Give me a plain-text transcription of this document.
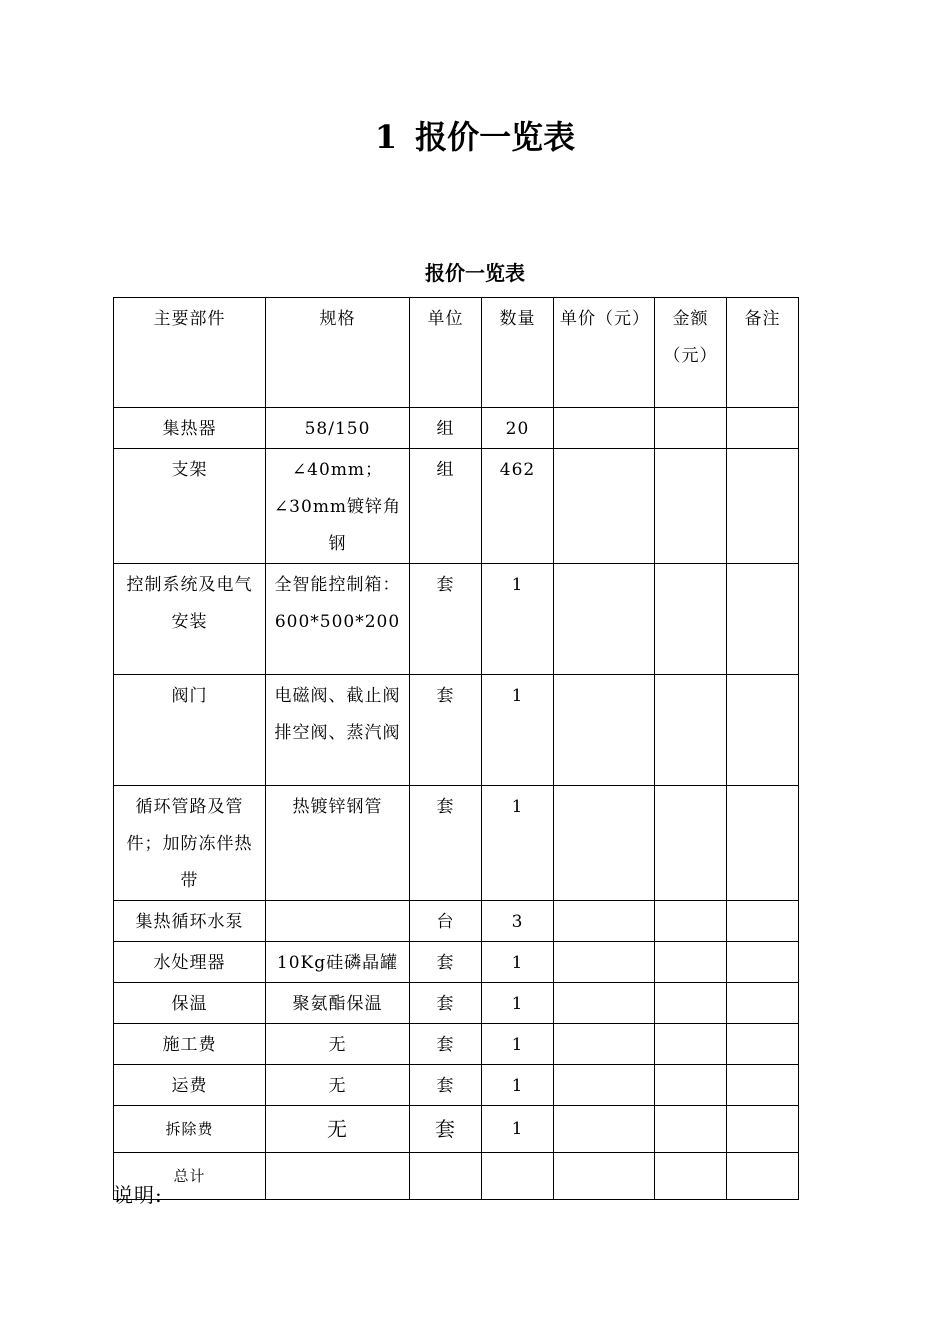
1 报价一览表
报价一览表
主要部件	规格	单位	数量	单价（元）	金额（元）	备注
集热器	58/150	组	20			
支架	∠40mm；∠30mm镀锌角钢	组	462			
控制系统及电气安装	全智能控制箱：600*500*200	套	1			
阀门	电磁阀、截止阀排空阀、蒸汽阀	套	1			
循环管路及管件；加防冻伴热带	热镀锌钢管	套	1			
集热循环水泵		台	3			
水处理器	10Kg硅磷晶罐	套	1			
保温	聚氨酯保温	套	1			
施工费	无	套	1			
运费	无	套	1			
拆除费	无	套	1			
总计						
说明:
